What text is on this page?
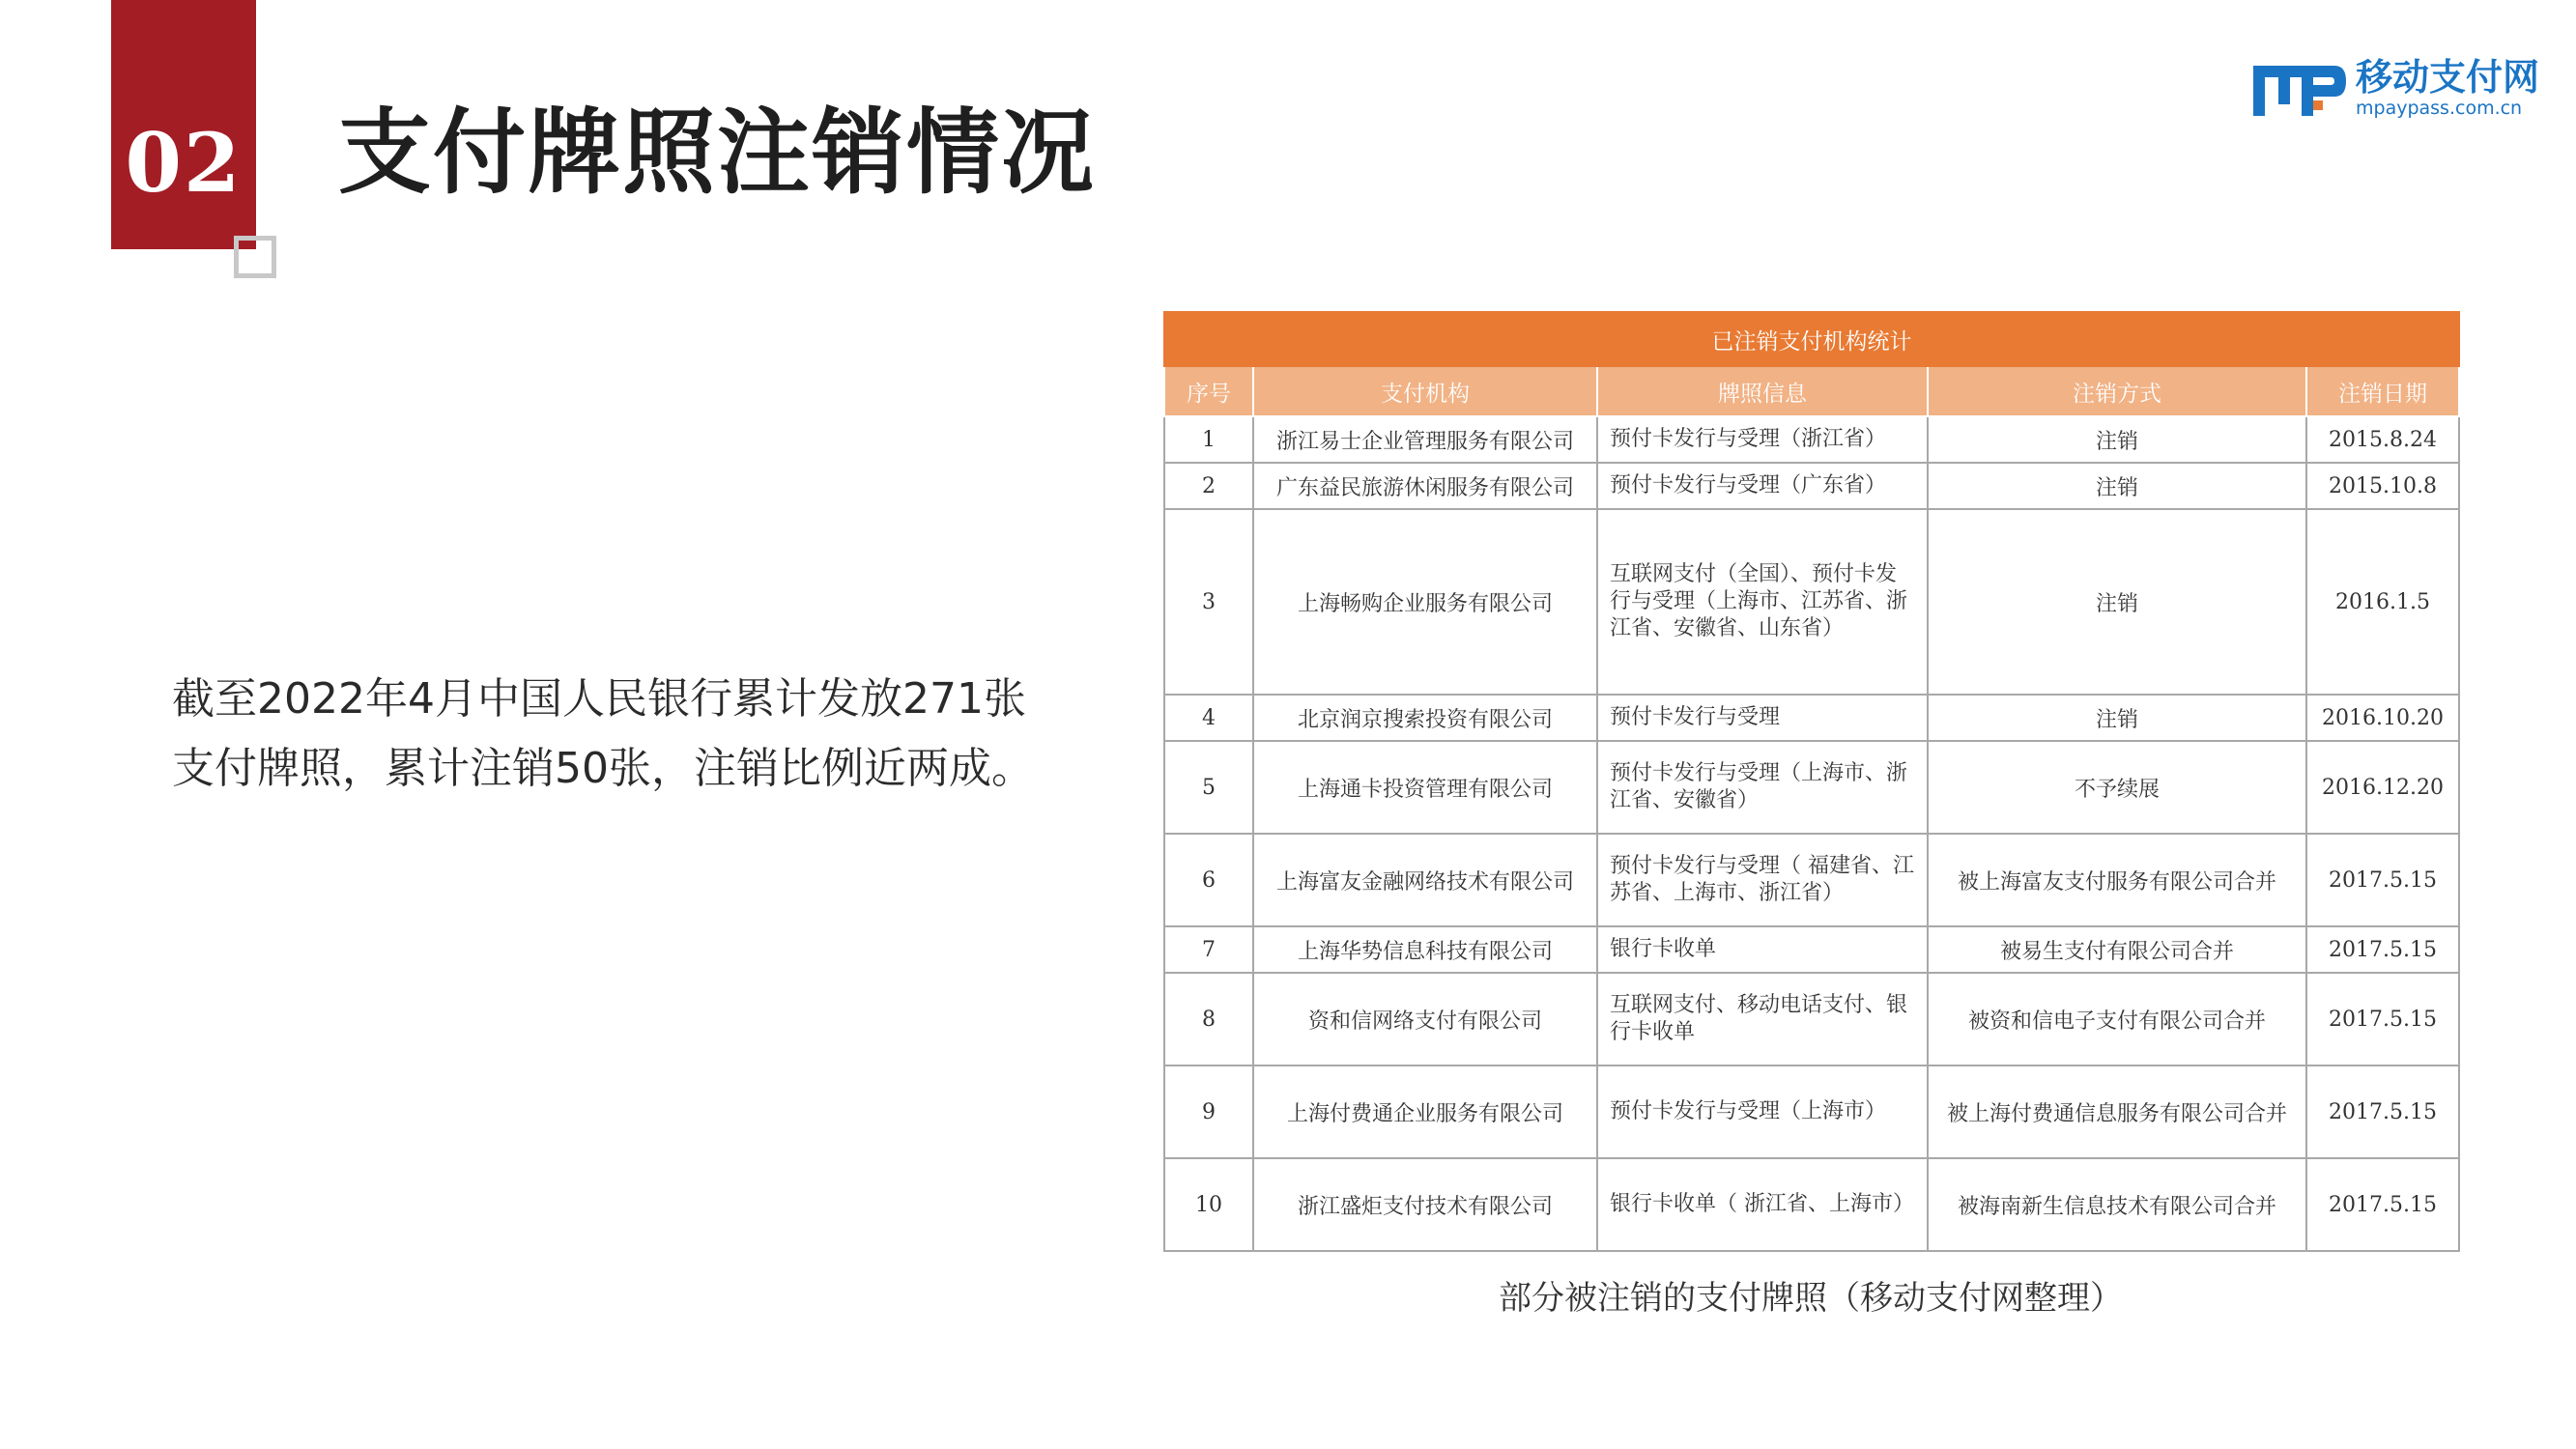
02 支付牌照注销情况
移动支付网
mpaypass.com.cn

截至2022年4月中国人民银行累计发放271张

支付牌照，累计注销50张，注销比例近两成。

已注销支付机构统计				
序号	支付机构	牌照信息	注销方式	注销日期
1	浙江易士企业管理服务有限公司	预付卡发行与受理（浙江省）	注销	2015.8.24
2	广东益民旅游休闲服务有限公司	预付卡发行与受理（广东省）	注销	2015.10.8
3	上海畅购企业服务有限公司	互联网支付（全国）、预付卡发行与受理（上海市、江苏省、浙江省、安徽省、山东省）	注销	2016.1.5
4	北京润京搜索投资有限公司	预付卡发行与受理	注销	2016.10.20
5	上海通卡投资管理有限公司	预付卡发行与受理（上海市、浙江省、安徽省）	不予续展	2016.12.20
6	上海富友金融网络技术有限公司	预付卡发行与受理（ 福建省、江苏省、上海市、浙江省）	被上海富友支付服务有限公司合并	2017.5.15
7	上海华势信息科技有限公司	银行卡收单	被易生支付有限公司合并	2017.5.15
8	资和信网络支付有限公司	互联网支付、移动电话支付、银行卡收单	被资和信电子支付有限公司合并	2017.5.15
9	上海付费通企业服务有限公司	预付卡发行与受理（上海市）	被上海付费通信息服务有限公司合并	2017.5.15
10	浙江盛炬支付技术有限公司	银行卡收单（ 浙江省、上海市）	被海南新生信息技术有限公司合并	2017.5.15
部分被注销的支付牌照（移动支付网整理）
